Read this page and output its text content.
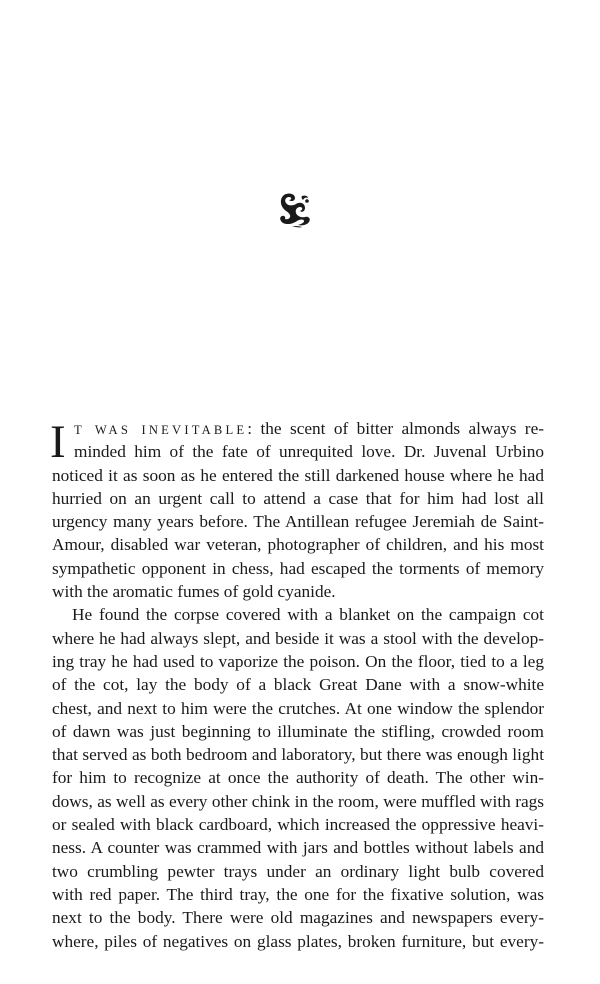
I T WAS INEVITABLE: the scent of bitter almonds always re-
minded him of the fate of unrequited love. Dr. Juvenal Urbino
noticed it as soon as he entered the still darkened house where he had
hurried on an urgent call to attend a case that for him had lost all
urgency many years before. The Antillean refugee Jeremiah de Saint-
Amour, disabled war veteran, photographer of children, and his most
sympathetic opponent in chess, had escaped the torments of memory
with the aromatic fumes of gold cyanide.
He found the corpse covered with a blanket on the campaign cot
where he had always slept, and beside it was a stool with the develop-
ing tray he had used to vaporize the poison. On the floor, tied to a leg
of the cot, lay the body of a black Great Dane with a snow-white
chest, and next to him were the crutches. At one window the splendor
of dawn was just beginning to illuminate the stifling, crowded room
that served as both bedroom and laboratory, but there was enough light
for him to recognize at once the authority of death. The other win-
dows, as well as every other chink in the room, were muffled with rags
or sealed with black cardboard, which increased the oppressive heavi-
ness. A counter was crammed with jars and bottles without labels and
two crumbling pewter trays under an ordinary light bulb covered
with red paper. The third tray, the one for the fixative solution, was
next to the body. There were old magazines and newspapers every-
where, piles of negatives on glass plates, broken furniture, but every-
